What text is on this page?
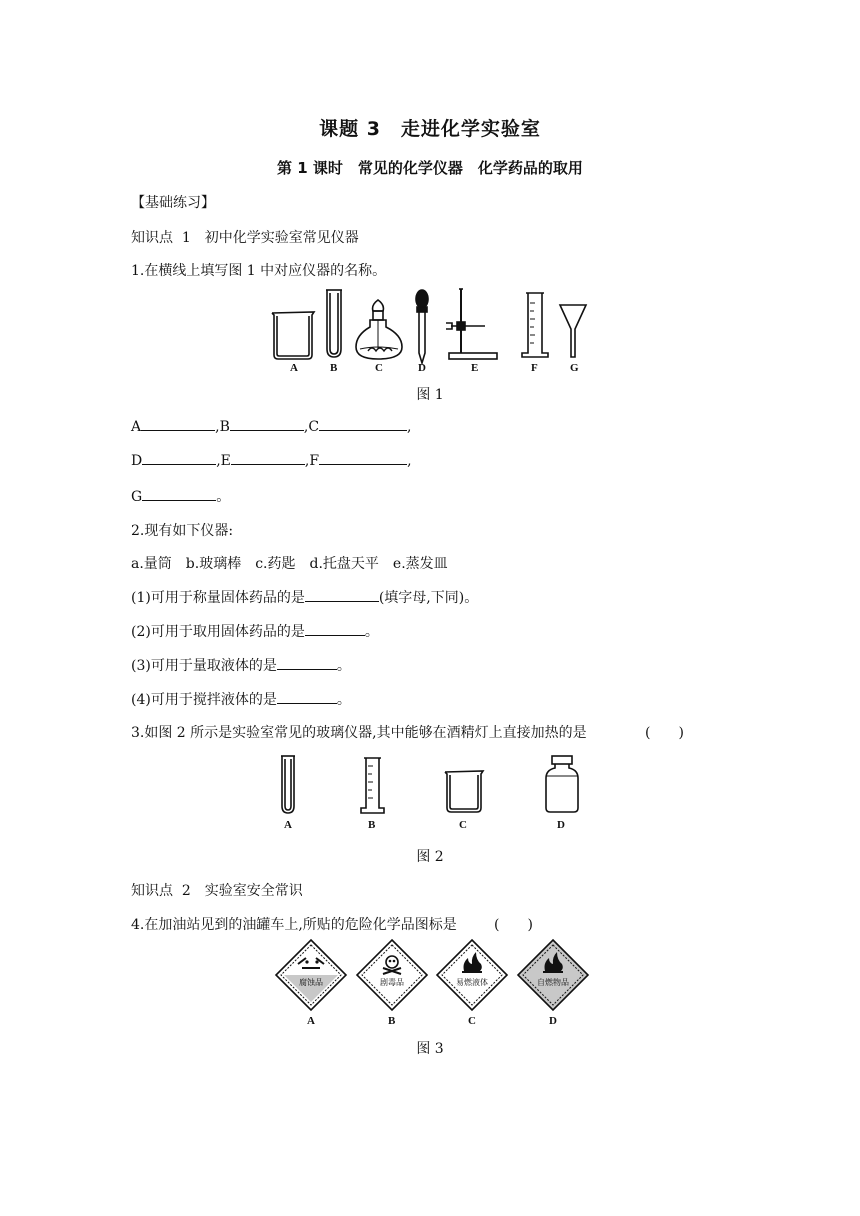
课题 3　走进化学实验室
第 1 课时　常见的化学仪器　化学药品的取用
【基础练习】
知识点  1　初中化学实验室常见仪器
1.在横线上填写图 1 中对应仪器的名称。
A	B	C	D	E	F	G
图 1
A	,B	,C	,
D	,E	,F	,
G	。
2.现有如下仪器:
a.量筒　b.玻璃棒　c.药匙　d.托盘天平　e.蒸发皿
(1)可用于称量固体药品的是	(填字母,下同)。
(2)可用于取用固体药品的是	。
(3)可用于量取液体的是	。
(4)可用于搅拌液体的是	。
3.如图 2 所示是实验室常见的玻璃仪器,其中能够在酒精灯上直接加热的是	(　　)
A	B	C	D
图 2
知识点  2　实验室安全常识
4.在加油站见到的油罐车上,所贴的危险化学品图标是	(　　)
腐蚀品	剧毒品	易燃液体	自燃物品
A	B	C	D
图 3
